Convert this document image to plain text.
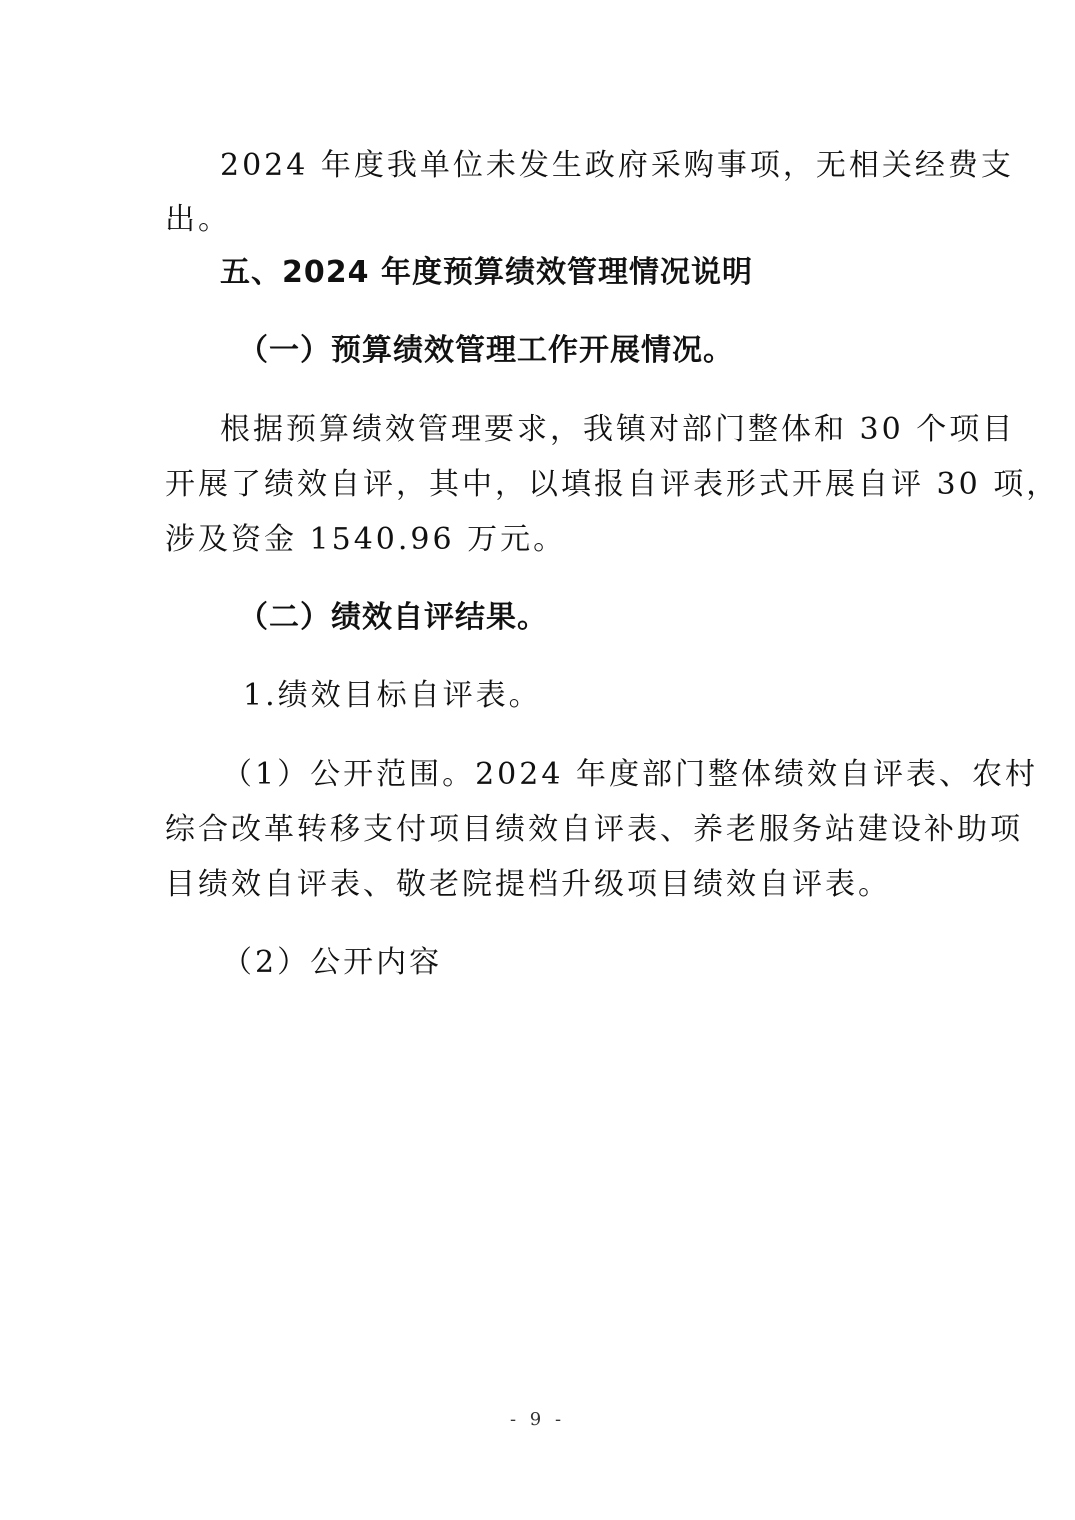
2024 年度我单位未发生政府采购事项，无相关经费支
出。
五、2024 年度预算绩效管理情况说明
（一）预算绩效管理工作开展情况。
根据预算绩效管理要求，我镇对部门整体和 30 个项目
开展了绩效自评，其中，以填报自评表形式开展自评 30 项，
涉及资金 1540.96 万元。
（二）绩效自评结果。
1.绩效目标自评表。
（1）公开范围。2024 年度部门整体绩效自评表、农村
综合改革转移支付项目绩效自评表、养老服务站建设补助项
目绩效自评表、敬老院提档升级项目绩效自评表。
（2）公开内容
- 9 -
